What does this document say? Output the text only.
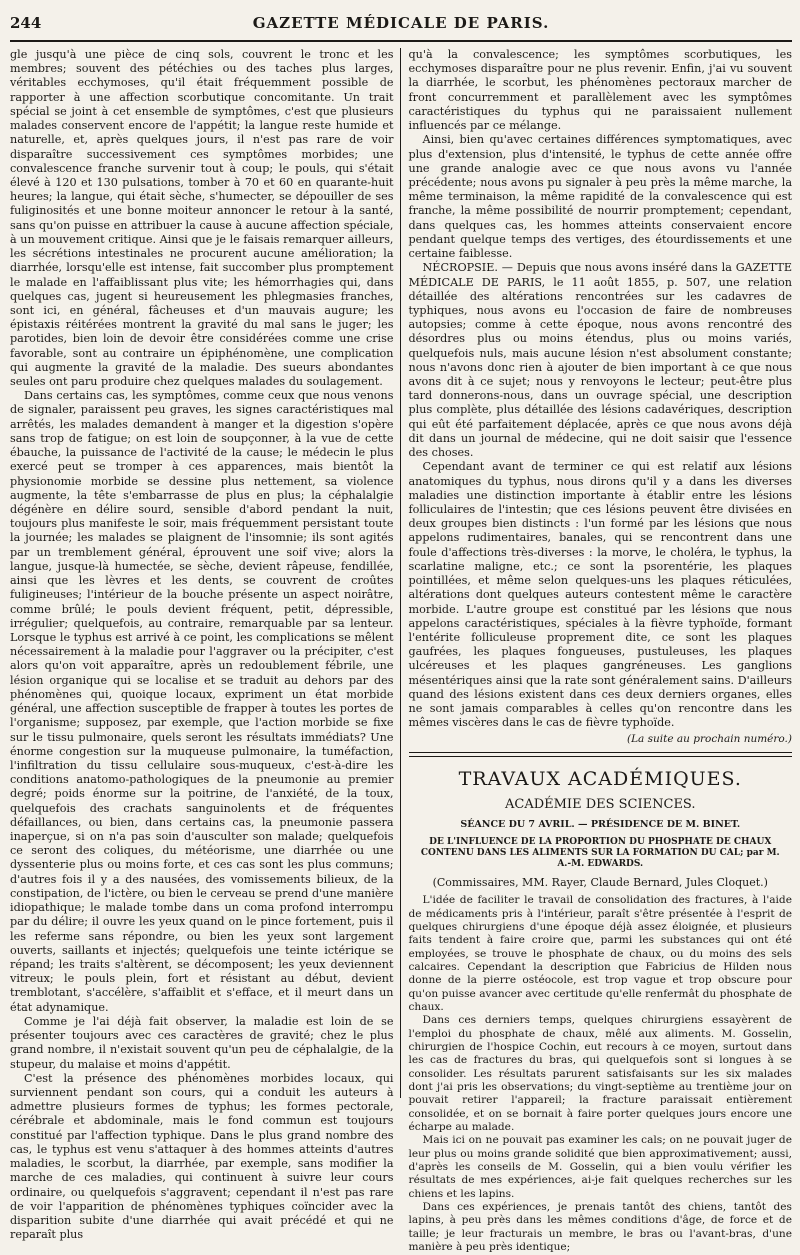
244	GAZETTE MÉDICALE DE PARIS.

gle jusqu'à une pièce de cinq sols, couvrent le tronc et les membres; souvent des pétéchies ou des taches plus larges, véritables ecchymoses, qu'il était fréquemment possible de rapporter à une affection scorbutique concomitante. Un trait spécial se joint à cet ensemble de symptômes, c'est que plusieurs malades conservent encore de l'appétit; la langue reste humide et naturelle, et, après quelques jours, il n'est pas rare de voir disparaître successivement ces symptômes morbides; une convalescence franche survenir tout à coup; le pouls, qui s'était élevé à 120 et 130 pulsations, tomber à 70 et 60 en quarante-huit heures; la langue, qui était sèche, s'humecter, se dépouiller de ses fuliginosités et une bonne moiteur annoncer le retour à la santé, sans qu'on puisse en attribuer la cause à aucune affection spéciale, à un mouvement critique. Ainsi que je le faisais remarquer ailleurs, les sécrétions intestinales ne procurent aucune amélioration; la diarrhée, lorsqu'elle est intense, fait succomber plus promptement le malade en l'affaiblissant plus vite; les hémorrhagies qui, dans quelques cas, jugent si heureusement les phlegmasies franches, sont ici, en général, fâcheuses et d'un mauvais augure; les épistaxis réitérées montrent la gravité du mal sans le juger; les parotides, bien loin de devoir être considérées comme une crise favorable, sont au contraire un épiphénomène, une complication qui augmente la gravité de la maladie. Des sueurs abondantes seules ont paru produire chez quelques malades du soulagement.

Dans certains cas, les symptômes, comme ceux que nous venons de signaler, paraissent peu graves, les signes caractéristiques mal arrêtés, les malades demandent à manger et la digestion s'opère sans trop de fatigue; on est loin de soupçonner, à la vue de cette ébauche, la puissance de l'activité de la cause; le médecin le plus exercé peut se tromper à ces apparences, mais bientôt la physionomie morbide se dessine plus nettement, sa violence augmente, la tête s'embarrasse de plus en plus; la céphalalgie dégénère en délire sourd, sensible d'abord pendant la nuit, toujours plus manifeste le soir, mais fréquemment persistant toute la journée; les malades se plaignent de l'insomnie; ils sont agités par un tremblement général, éprouvent une soif vive; alors la langue, jusque-là humectée, se sèche, devient râpeuse, fendillée, ainsi que les lèvres et les dents, se couvrent de croûtes fuligineuses; l'intérieur de la bouche présente un aspect noirâtre, comme brûlé; le pouls devient fréquent, petit, dépressible, irrégulier; quelquefois, au contraire, remarquable par sa lenteur. Lorsque le typhus est arrivé à ce point, les complications se mêlent nécessairement à la maladie pour l'aggraver ou la précipiter, c'est alors qu'on voit apparaître, après un redoublement fébrile, une lésion organique qui se localise et se traduit au dehors par des phénomènes qui, quoique locaux, expriment un état morbide général, une affection susceptible de frapper à toutes les portes de l'organisme; supposez, par exemple, que l'action morbide se fixe sur le tissu pulmonaire, quels seront les résultats immédiats? Une énorme congestion sur la muqueuse pulmonaire, la tuméfaction, l'infiltration du tissu cellulaire sous-muqueux, c'est-à-dire les conditions anatomo-pathologiques de la pneumonie au premier degré; poids énorme sur la poitrine, de l'anxiété, de la toux, quelquefois des crachats sanguinolents et de fréquentes défaillances, ou bien, dans certains cas, la pneumonie passera inaperçue, si on n'a pas soin d'ausculter son malade; quelquefois ce seront des coliques, du météorisme, une diarrhée ou une dyssenterie plus ou moins forte, et ces cas sont les plus communs; d'autres fois il y a des nausées, des vomissements bilieux, de la constipation, de l'ictère, ou bien le cerveau se prend d'une manière idiopathique; le malade tombe dans un coma profond interrompu par du délire; il ouvre les yeux quand on le pince fortement, puis il les referme sans répondre, ou bien les yeux sont largement ouverts, saillants et injectés; quelquefois une teinte ictérique se répand; les traits s'altèrent, se décomposent; les yeux deviennent vitreux; le pouls plein, fort et résistant au début, devient tremblotant, s'accélère, s'affaiblit et s'efface, et il meurt dans un état adynamique.

Comme je l'ai déjà fait observer, la maladie est loin de se présenter toujours avec ces caractères de gravité; chez le plus grand nombre, il n'existait souvent qu'un peu de céphalalgie, de la stupeur, du malaise et moins d'appétit.

C'est la présence des phénomènes morbides locaux, qui surviennent pendant son cours, qui a conduit les auteurs à admettre plusieurs formes de typhus; les formes pectorale, cérébrale et abdominale, mais le fond commun est toujours constitué par l'affection typhique. Dans le plus grand nombre des cas, le typhus est venu s'attaquer à des hommes atteints d'autres maladies, le scorbut, la diarrhée, par exemple, sans modifier la marche de ces maladies, qui continuent à suivre leur cours ordinaire, ou quelquefois s'aggravent; cependant il n'est pas rare de voir l'apparition de phénomènes typhiques coïncider avec la disparition subite d'une diarrhée qui avait précédé et qui ne reparaît plus

qu'à la convalescence; les symptômes scorbutiques, les ecchymoses disparaître pour ne plus revenir. Enfin, j'ai vu souvent la diarrhée, le scorbut, les phénomènes pectoraux marcher de front concurremment et parallèlement avec les symptômes caractéristiques du typhus qui ne paraissaient nullement influencés par ce mélange.

Ainsi, bien qu'avec certaines différences symptomatiques, avec plus d'extension, plus d'intensité, le typhus de cette année offre une grande analogie avec ce que nous avons vu l'année précédente; nous avons pu signaler à peu près la même marche, la même terminaison, la même rapidité de la convalescence qui est franche, la même possibilité de nourrir promptement; cependant, dans quelques cas, les hommes atteints conservaient encore pendant quelque temps des vertiges, des étourdissements et une certaine faiblesse.

NÉCROPSIE. — Depuis que nous avons inséré dans la GAZETTE MÉDICALE DE PARIS, le 11 août 1855, p. 507, une relation détaillée des altérations rencontrées sur les cadavres de typhiques, nous avons eu l'occasion de faire de nombreuses autopsies; comme à cette époque, nous avons rencontré des désordres plus ou moins étendus, plus ou moins variés, quelquefois nuls, mais aucune lésion n'est absolument constante; nous n'avons donc rien à ajouter de bien important à ce que nous avons dit à ce sujet; nous y renvoyons le lecteur; peut-être plus tard donnerons-nous, dans un ouvrage spécial, une description plus complète, plus détaillée des lésions cadavériques, description qui eût été parfaitement déplacée, après ce que nous avons déjà dit dans un journal de médecine, qui ne doit saisir que l'essence des choses.

Cependant avant de terminer ce qui est relatif aux lésions anatomiques du typhus, nous dirons qu'il y a dans les diverses maladies une distinction importante à établir entre les lésions folliculaires de l'intestin; que ces lésions peuvent être divisées en deux groupes bien distincts : l'un formé par les lésions que nous appelons rudimentaires, banales, qui se rencontrent dans une foule d'affections très-diverses : la morve, le choléra, le typhus, la scarlatine maligne, etc.; ce sont la psorentérie, les plaques pointillées, et même selon quelques-uns les plaques réticulées, altérations dont quelques auteurs contestent même le caractère morbide. L'autre groupe est constitué par les lésions que nous appelons caractéristiques, spéciales à la fièvre typhoïde, formant l'entérite folliculeuse proprement dite, ce sont les plaques gaufrées, les plaques fongueuses, pustuleuses, les plaques ulcéreuses et les plaques gangréneuses. Les ganglions mésentériques ainsi que la rate sont généralement sains. D'ailleurs quand des lésions existent dans ces deux derniers organes, elles ne sont jamais comparables à celles qu'on rencontre dans les mêmes viscères dans le cas de fièvre typhoïde.

(La suite au prochain numéro.)
TRAVAUX ACADÉMIQUES.
ACADÉMIE DES SCIENCES.
SÉANCE DU 7 AVRIL. — PRÉSIDENCE DE M. BINET.
DE L'INFLUENCE DE LA PROPORTION DU PHOSPHATE DE CHAUX CONTENU DANS LES ALIMENTS SUR LA FORMATION DU CAL; par M. A.-M. EDWARDS.
(Commissaires, MM. Rayer, Claude Bernard, Jules Cloquet.)

L'idée de faciliter le travail de consolidation des fractures, à l'aide de médicaments pris à l'intérieur, paraît s'être présentée à l'esprit de quelques chirurgiens d'une époque déjà assez éloignée, et plusieurs faits tendent à faire croire que, parmi les substances qui ont été employées, se trouve le phosphate de chaux, ou du moins des sels calcaires. Cependant la description que Fabricius de Hilden nous donne de la pierre ostéocole, est trop vague et trop obscure pour qu'on puisse avancer avec certitude qu'elle renfermât du phosphate de chaux.

Dans ces derniers temps, quelques chirurgiens essayèrent de l'emploi du phosphate de chaux, mêlé aux aliments. M. Gosselin, chirurgien de l'hospice Cochin, eut recours à ce moyen, surtout dans les cas de fractures du bras, qui quelquefois sont si longues à se consolider. Les résultats parurent satisfaisants sur les six malades dont j'ai pris les observations; du vingt-septième au trentième jour on pouvait retirer l'appareil; la fracture paraissait entièrement consolidée, et on se bornait à faire porter quelques jours encore une écharpe au malade.

Mais ici on ne pouvait pas examiner les cals; on ne pouvait juger de leur plus ou moins grande solidité que bien approximativement; aussi, d'après les conseils de M. Gosselin, qui a bien voulu vérifier les résultats de mes expériences, ai-je fait quelques recherches sur les chiens et les lapins.

Dans ces expériences, je prenais tantôt des chiens, tantôt des lapins, à peu près dans les mêmes conditions d'âge, de force et de taille; je leur fracturais un membre, le bras ou l'avant-bras, d'une manière à peu près identique;
